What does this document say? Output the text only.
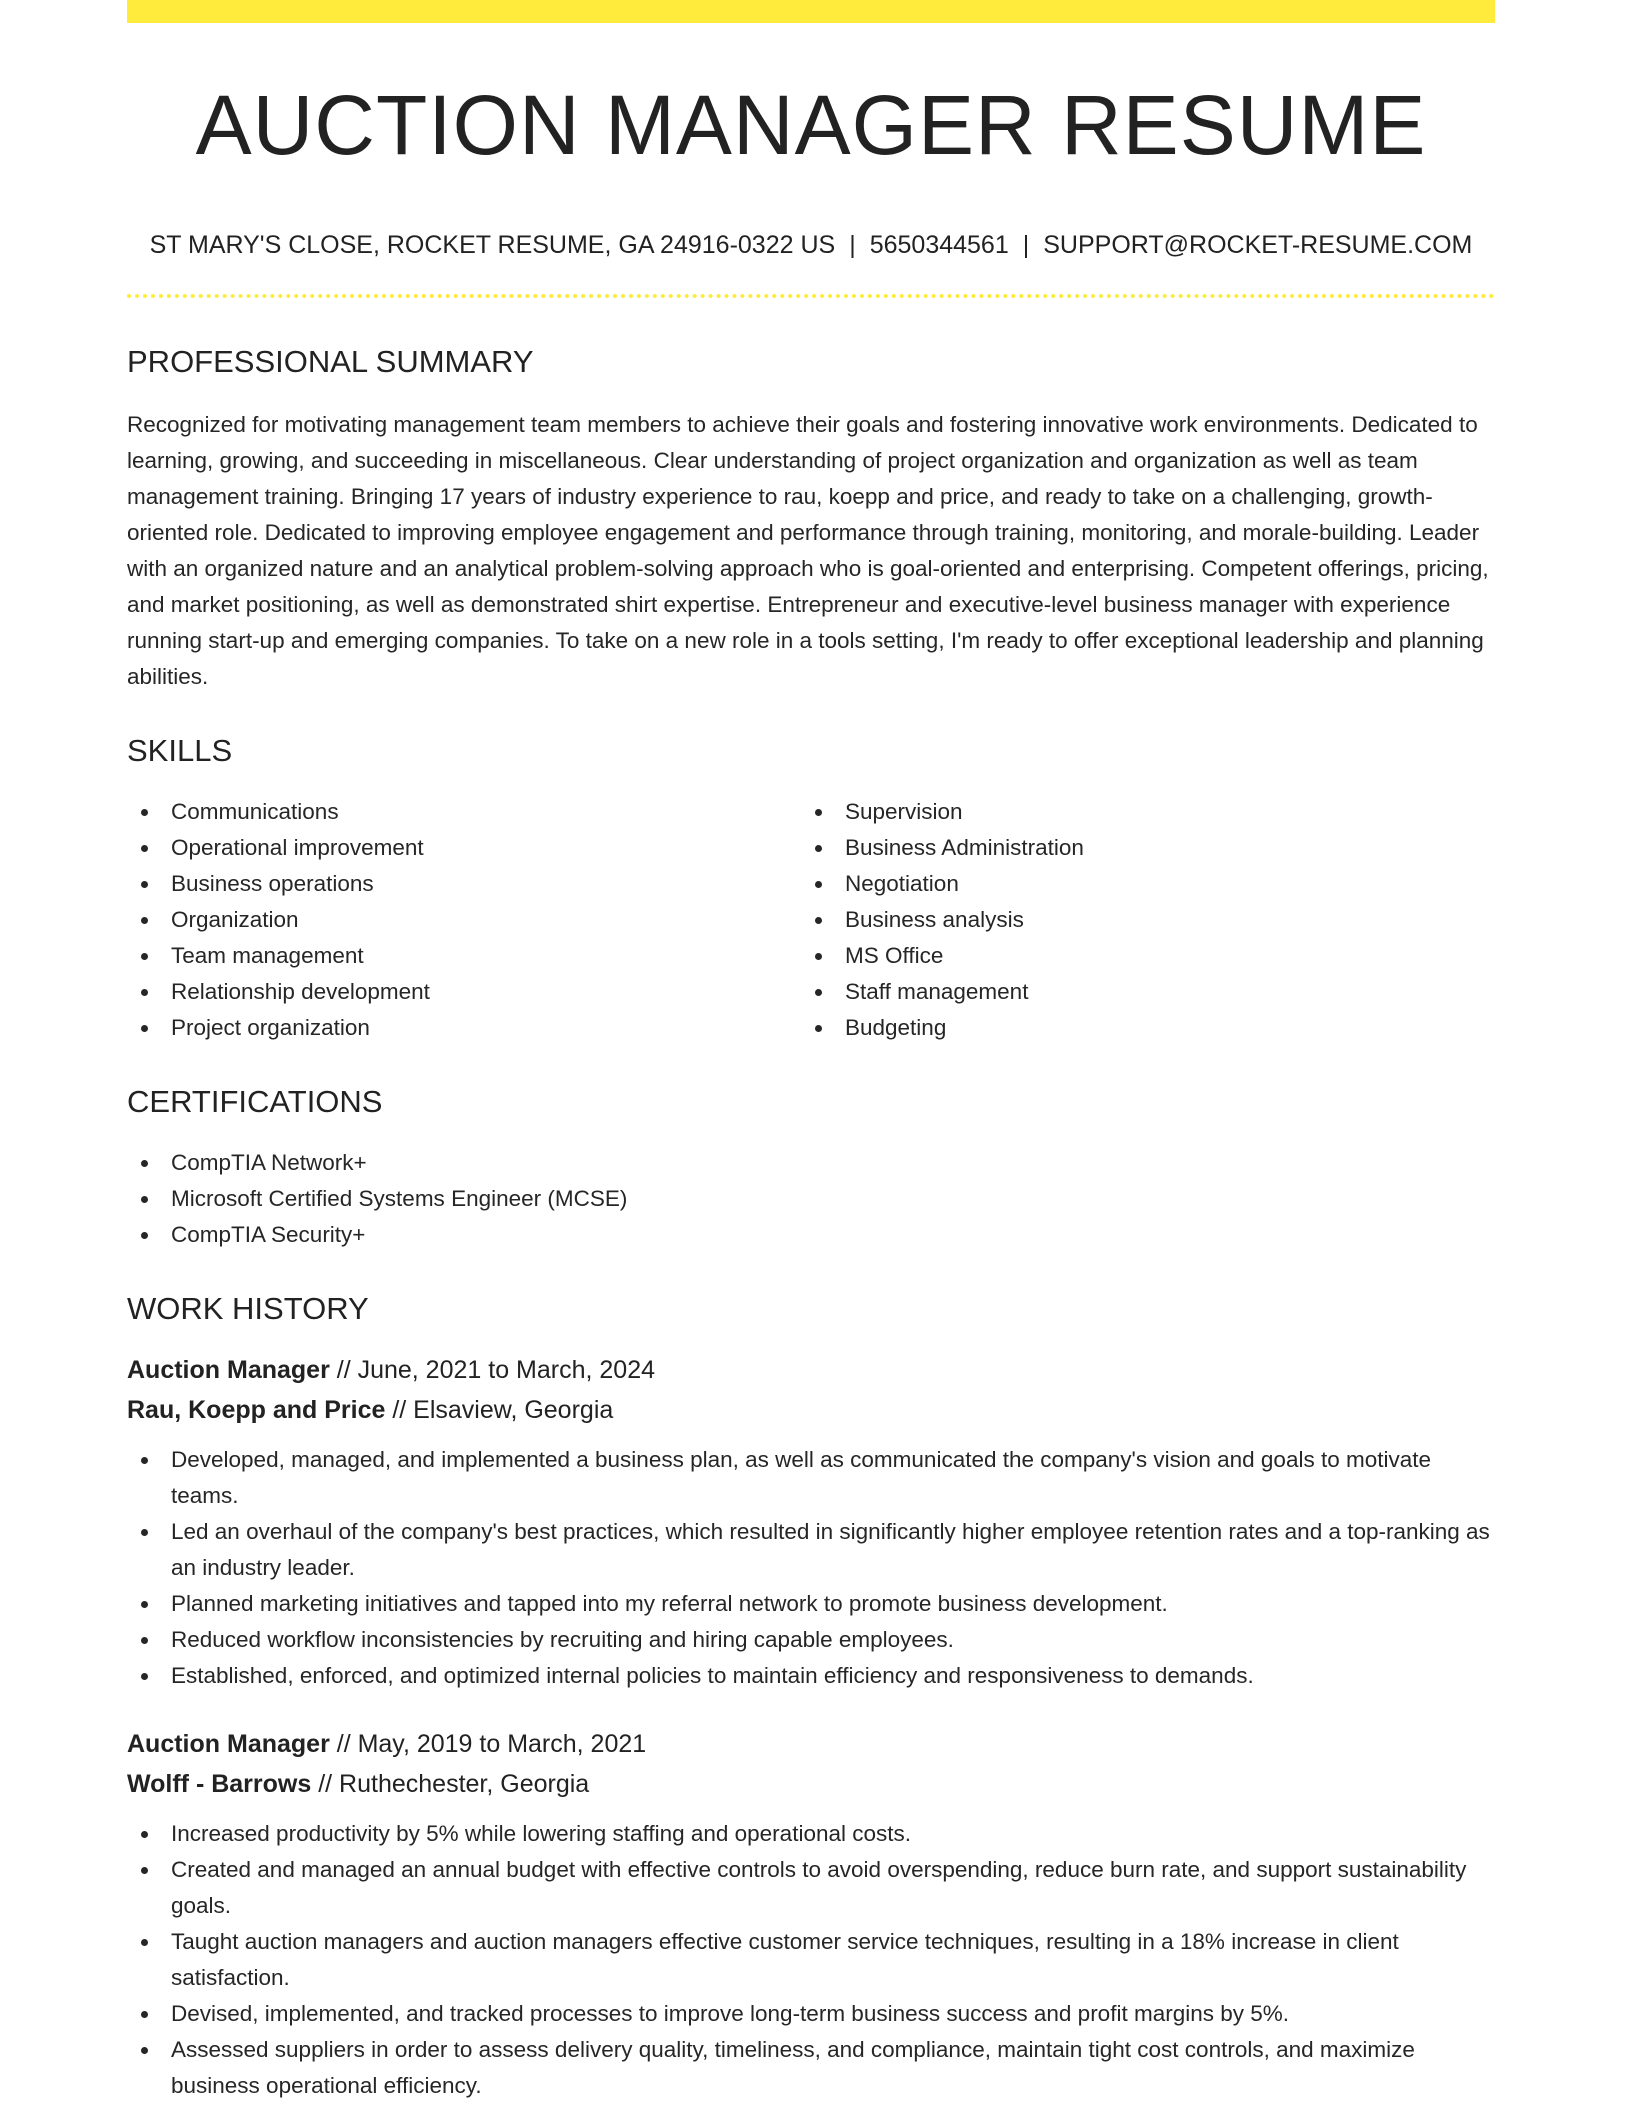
AUCTION MANAGER RESUME
ST MARY'S CLOSE, ROCKET RESUME, GA 24916-0322 US | 5650344561 | SUPPORT@ROCKET-RESUME.COM
PROFESSIONAL SUMMARY

Recognized for motivating management team members to achieve their goals and fostering innovative work environments. Dedicated to learning, growing, and succeeding in miscellaneous. Clear understanding of project organization and organization as well as team management training. Bringing 17 years of industry experience to rau, koepp and price, and ready to take on a challenging, growth-oriented role. Dedicated to improving employee engagement and performance through training, monitoring, and morale-building. Leader with an organized nature and an analytical problem-solving approach who is goal-oriented and enterprising. Competent offerings, pricing, and market positioning, as well as demonstrated shirt expertise. Entrepreneur and executive-level business manager with experience running start-up and emerging companies. To take on a new role in a tools setting, I'm ready to offer exceptional leadership and planning abilities.

SKILLS
Communications
Operational improvement
Business operations
Organization
Team management
Relationship development
Project organization
Supervision
Business Administration
Negotiation
Business analysis
MS Office
Staff management
Budgeting
CERTIFICATIONS
CompTIA Network+
Microsoft Certified Systems Engineer (MCSE)
CompTIA Security+
WORK HISTORY
Auction Manager // June, 2021 to March, 2024
Rau, Koepp and Price // Elsaview, Georgia
Developed, managed, and implemented a business plan, as well as communicated the company's vision and goals to motivate teams.
Led an overhaul of the company's best practices, which resulted in significantly higher employee retention rates and a top-ranking as an industry leader.
Planned marketing initiatives and tapped into my referral network to promote business development.
Reduced workflow inconsistencies by recruiting and hiring capable employees.
Established, enforced, and optimized internal policies to maintain efficiency and responsiveness to demands.
Auction Manager // May, 2019 to March, 2021
Wolff - Barrows // Ruthechester, Georgia
Increased productivity by 5% while lowering staffing and operational costs.
Created and managed an annual budget with effective controls to avoid overspending, reduce burn rate, and support sustainability goals.
Taught auction managers and auction managers effective customer service techniques, resulting in a 18% increase in client satisfaction.
Devised, implemented, and tracked processes to improve long-term business success and profit margins by 5%.
Assessed suppliers in order to assess delivery quality, timeliness, and compliance, maintain tight cost controls, and maximize business operational efficiency.
